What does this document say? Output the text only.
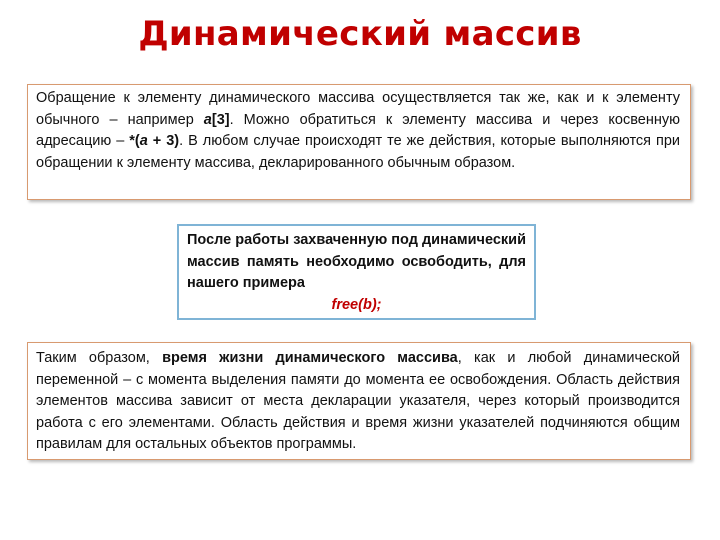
Динамический массив
Обращение к элементу динамического массива осуществляется так же, как и к элементу обычного – например a[3]. Можно обратиться к элементу массива и через косвенную адресацию – *(a + 3). В любом случае происходят те же действия, которые выполняются при обращении к элементу массива, декларированного обычным образом.
После работы захваченную под динамический массив память необходимо освободить, для нашего примера
free(b);
Таким образом, время жизни динамического массива, как и любой динамической переменной – с момента выделения памяти до момента ее освобождения. Область действия элементов массива зависит от места декларации указателя, через который производится работа с его элементами. Область действия и время жизни указателей подчиняются общим правилам для остальных объектов программы.
